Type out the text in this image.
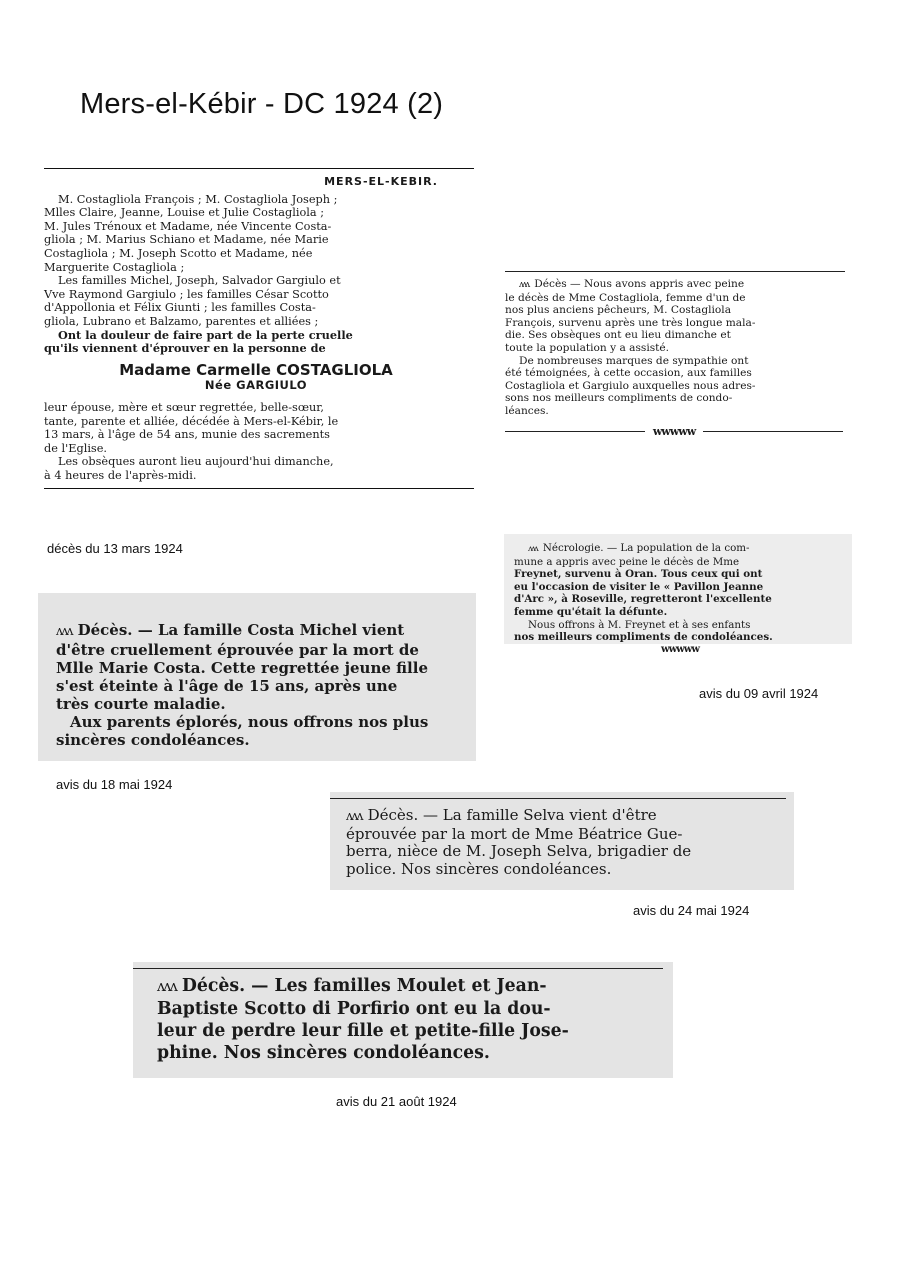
Mers-el-Kébir - DC 1924 (2)
MERS-EL-KEBIR.

M. Costagliola François ; M. Costagliola Joseph ;

Mlles Claire, Jeanne, Louise et Julie Costagliola ;

M. Jules Trénoux et Madame, née Vincente Costa-

gliola ; M. Marius Schiano et Madame, née Marie

Costagliola ; M. Joseph Scotto et Madame, née

Marguerite Costagliola ;

Les familles Michel, Joseph, Salvador Gargiulo et

Vve Raymond Gargiulo ; les familles César Scotto

d'Appollonia et Félix Giunti ; les familles Costa-

gliola, Lubrano et Balzamo, parentes et alliées ;

Ont la douleur de faire part de la perte cruelle

qu'ils viennent d'éprouver en la personne de

Madame Carmelle COSTAGLIOLA
Née GARGIULO

leur épouse, mère et sœur regrettée, belle-sœur,

tante, parente et alliée, décédée à Mers-el-Kébir, le

13 mars, à l'âge de 54 ans, munie des sacrements

de l'Eglise.

Les obsèques auront lieu aujourd'hui dimanche,

à 4 heures de l'après-midi.

décès du 13 mars 1924

ᴧᴧᴧ Décès — Nous avons appris avec peine

le décès de Mme Costagliola, femme d'un de

nos plus anciens pêcheurs, M. Costagliola

François, survenu après une très longue mala-

die. Ses obsèques ont eu lieu dimanche et

toute la population y a assisté.

De nombreuses marques de sympathie ont

été témoignées, à cette occasion, aux familles

Costagliola et Gargiulo auxquelles nous adres-

sons nos meilleurs compliments de condo-

léances.

wwwww

ᴧᴧᴧ Nécrologie. — La population de la com-

mune a appris avec peine le décès de Mme

Freynet, survenu à Oran. Tous ceux qui ont

eu l'occasion de visiter le « Pavillon Jeanne

d'Arc », à Roseville, regretteront l'excellente

femme qu'était la défunte.

Nous offrons à M. Freynet et à ses enfants

nos meilleurs compliments de condoléances.

wwwww
avis du 09 avril 1924

ᴧᴧᴧ Décès. — La famille Costa Michel vient

d'être cruellement éprouvée par la mort de

Mlle Marie Costa. Cette regrettée jeune fille

s'est éteinte à l'âge de 15 ans, après une

très courte maladie.

Aux parents éplorés, nous offrons nos plus

sincères condoléances.

avis du 18 mai 1924

ᴧᴧᴧ Décès. — La famille Selva vient d'être

éprouvée par la mort de Mme Béatrice Gue-

berra, nièce de M. Joseph Selva, brigadier de

police. Nos sincères condoléances.

avis du 24 mai 1924

ᴧᴧᴧ Décès. — Les familles Moulet et Jean-

Baptiste Scotto di Porfirio ont eu la dou-

leur de perdre leur fille et petite-fille Jose-

phine. Nos sincères condoléances.

avis du 21 août 1924
